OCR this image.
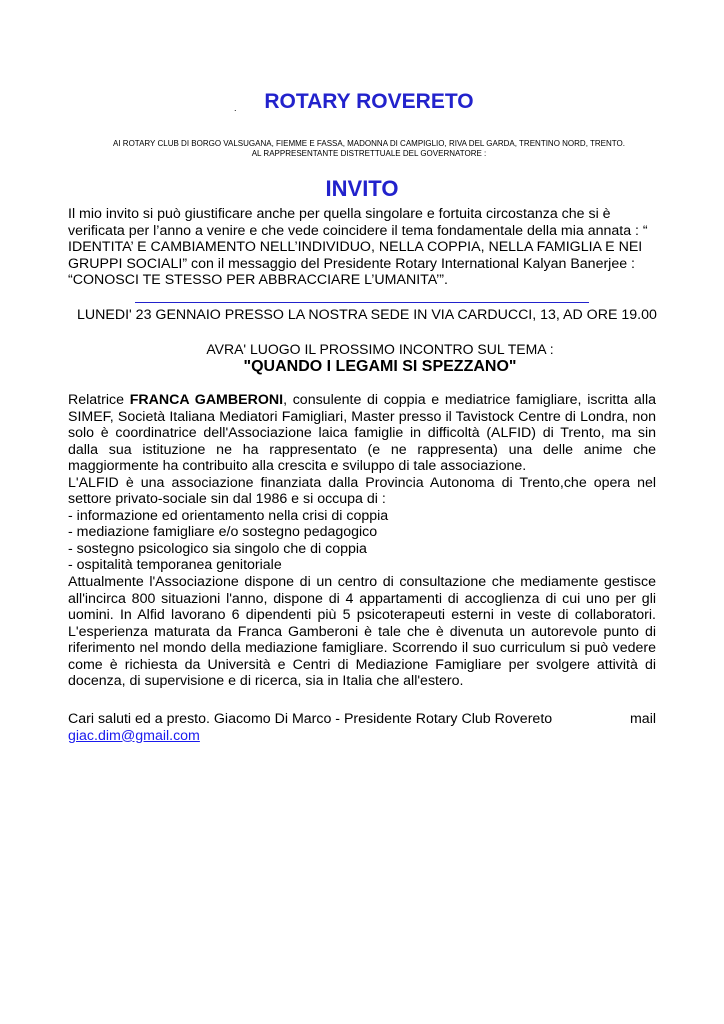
.	ROTARY ROVERETO
AI ROTARY CLUB DI BORGO VALSUGANA, FIEMME E FASSA, MADONNA DI CAMPIGLIO, RIVA DEL GARDA, TRENTINO NORD, TRENTO.
AL RAPPRESENTANTE DISTRETTUALE DEL GOVERNATORE :
INVITO

Il mio invito si può giustificare anche per quella singolare e fortuita circostanza che si è verificata per l’anno a venire e che vede coincidere il tema fondamentale della mia annata : “ IDENTITA’ E CAMBIAMENTO NELL’INDIVIDUO, NELLA COPPIA, NELLA FAMIGLIA E NEI GRUPPI SOCIALI” con il messaggio del Presidente Rotary International Kalyan Banerjee : “CONOSCI TE STESSO PER ABBRACCIARE L’UMANITA’”.

LUNEDI' 23 GENNAIO PRESSO LA NOSTRA SEDE IN VIA CARDUCCI, 13, AD ORE 19.00

AVRA' LUOGO IL PROSSIMO INCONTRO SUL TEMA :
"QUANDO I LEGAMI SI SPEZZANO"

Relatrice FRANCA GAMBERONI, consulente di coppia e mediatrice famigliare, iscritta alla SIMEF, Società Italiana Mediatori Famigliari, Master presso il Tavistock Centre di Londra, non solo è coordinatrice dell'Associazione laica famiglie in difficoltà (ALFID) di Trento, ma sin dalla sua istituzione ne ha rappresentato (e ne rappresenta) una delle anime che maggiormente ha contribuito alla crescita e sviluppo di tale associazione.

L'ALFID è una associazione finanziata dalla Provincia Autonoma di Trento,che opera nel settore privato-sociale sin dal 1986 e si occupa di :

- informazione ed orientamento nella crisi di coppia
- mediazione famigliare e/o sostegno pedagogico
- sostegno psicologico sia singolo che di coppia
- ospitalità temporanea genitoriale

Attualmente l'Associazione dispone di un centro di consultazione che mediamente gestisce all'incirca 800 situazioni l'anno, dispone di 4 appartamenti di accoglienza di cui uno per gli uomini. In Alfid lavorano 6 dipendenti più 5 psicoterapeuti esterni in veste di collaboratori. L'esperienza maturata da Franca Gamberoni è tale che è divenuta un autorevole punto di riferimento nel mondo della mediazione famigliare. Scorrendo il suo curriculum si può vedere come è richiesta da Università e Centri di Mediazione Famigliare per svolgere attività di docenza, di supervisione e di ricerca, sia in Italia che all'estero.

Cari saluti ed a presto. Giacomo Di Marco - Presidente Rotary Club Rovereto	mail
giac.dim@gmail.com
